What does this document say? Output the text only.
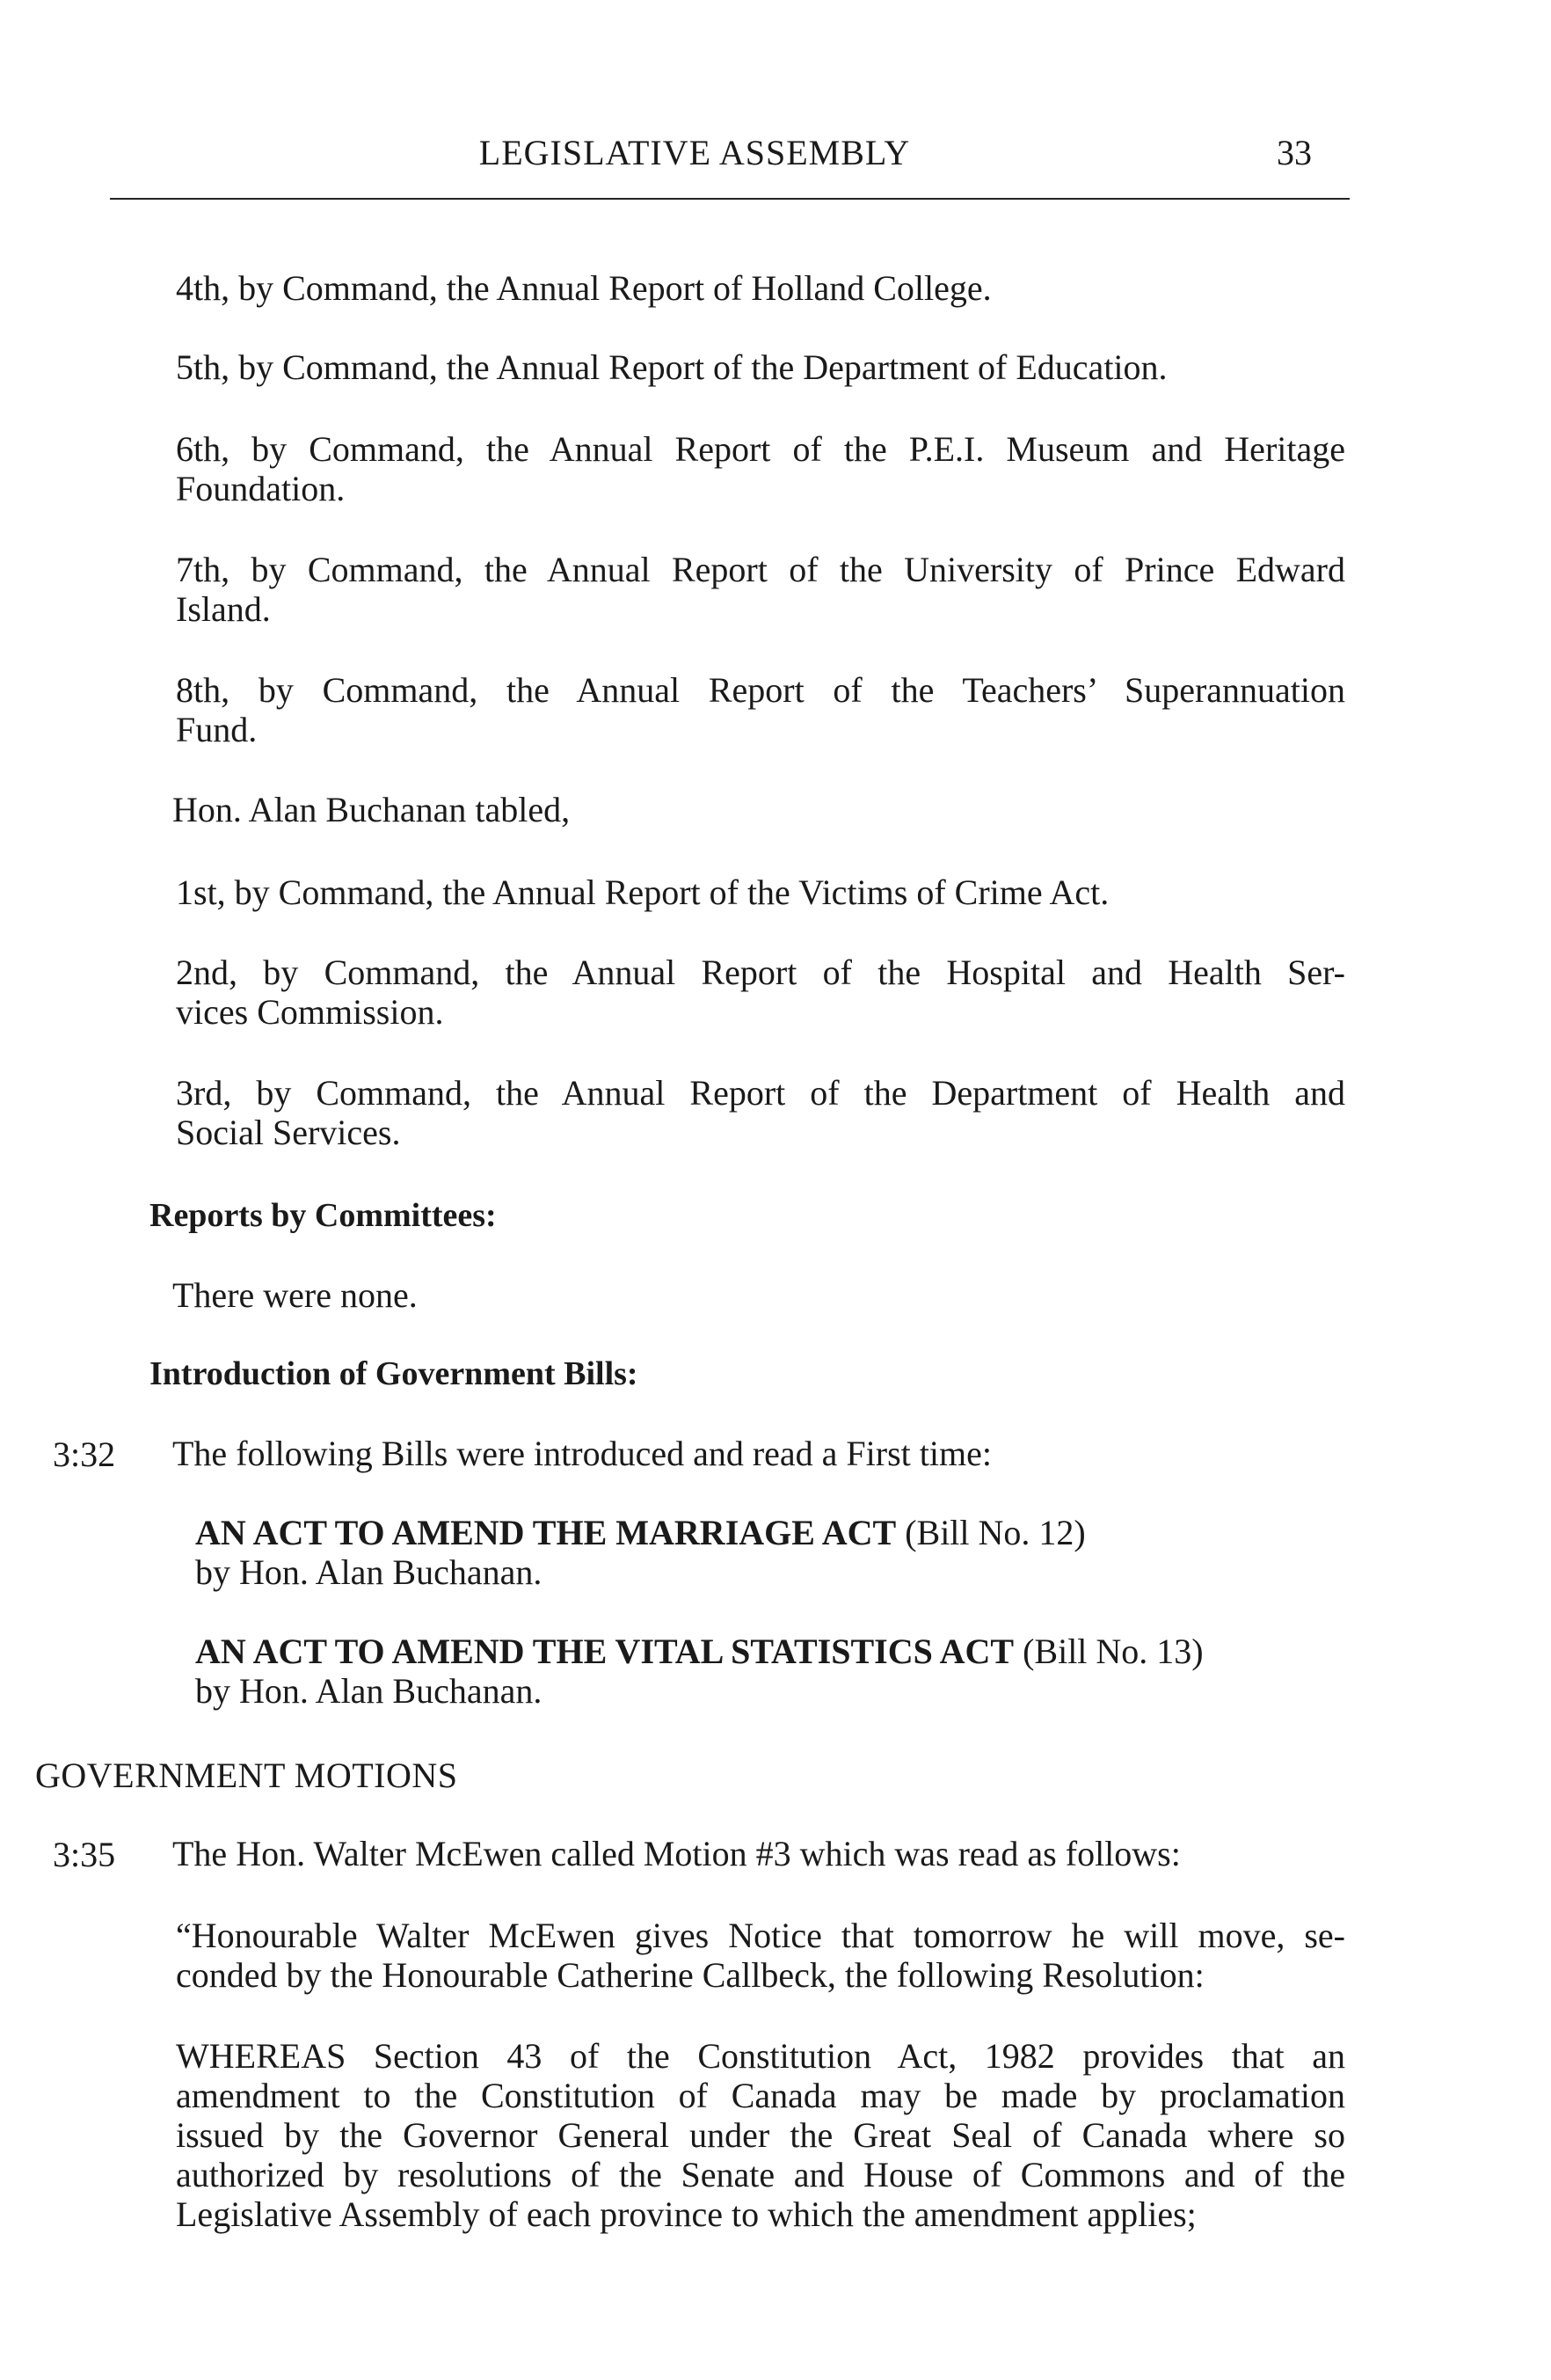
LEGISLATIVE ASSEMBLY	33
4th, by Command, the Annual Report of Holland College.
5th, by Command, the Annual Report of the Department of Education.
6th, by Command, the Annual Report of the P.E.I. Museum and Heritage
Foundation.
7th, by Command, the Annual Report of the University of Prince Edward
Island.
8th, by Command, the Annual Report of the Teachers’ Superannuation
Fund.
Hon. Alan Buchanan tabled,
1st, by Command, the Annual Report of the Victims of Crime Act.
2nd, by Command, the Annual Report of the Hospital and Health Ser-
vices Commission.
3rd, by Command, the Annual Report of the Department of Health and
Social Services.
Reports by Committees:
There were none.
Introduction of Government Bills:
3:32 The following Bills were introduced and read a First time:
AN ACT TO AMEND THE MARRIAGE ACT (Bill No. 12)
by Hon. Alan Buchanan.
AN ACT TO AMEND THE VITAL STATISTICS ACT (Bill No. 13)
by Hon. Alan Buchanan.
GOVERNMENT MOTIONS
3:35 The Hon. Walter McEwen called Motion #3 which was read as follows:
“Honourable Walter McEwen gives Notice that tomorrow he will move, se-
conded by the Honourable Catherine Callbeck, the following Resolution:
WHEREAS Section 43 of the Constitution Act, 1982 provides that an
amendment to the Constitution of Canada may be made by proclamation
issued by the Governor General under the Great Seal of Canada where so
authorized by resolutions of the Senate and House of Commons and of the
Legislative Assembly of each province to which the amendment applies;
